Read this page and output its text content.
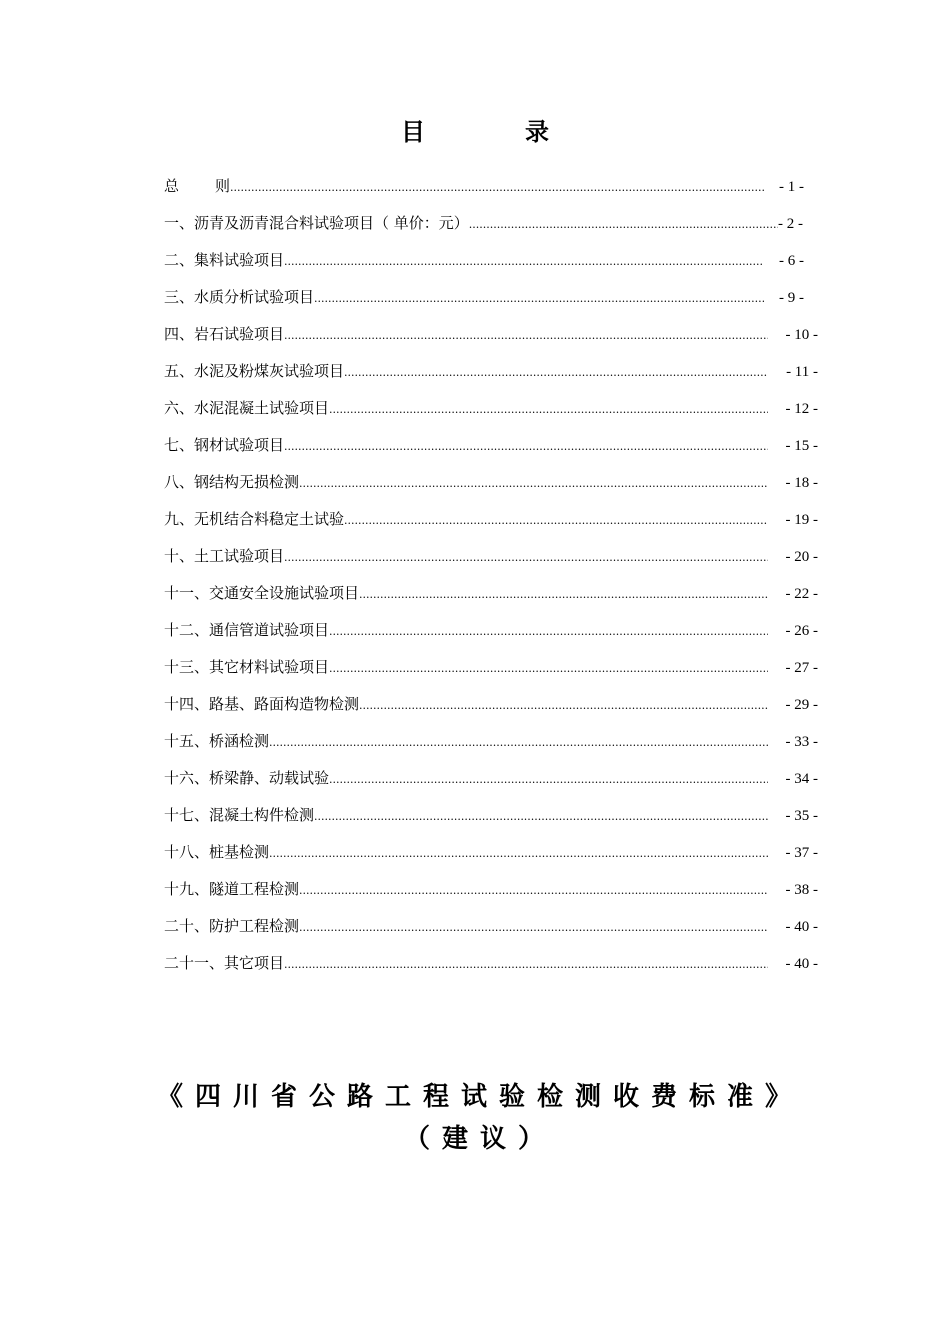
目　录
总 则 .....	- 1 -
一、沥青及沥青混合料试验项目（ 单价：元） .....	- 2 -
二、集料试验项目 .....	- 6 -
三、水质分析试验项目 .....	- 9 -
四、岩石试验项目 .....	- 10 -
五、水泥及粉煤灰试验项目 .....	- 11 -
六、水泥混凝土试验项目 .....	- 12 -
七、钢材试验项目 .....	- 15 -
八、钢结构无损检测 .....	- 18 -
九、无机结合料稳定土试验 .....	- 19 -
十、土工试验项目 .....	- 20 -
十一、交通安全设施试验项目 .....	- 22 -
十二、通信管道试验项目 .....	- 26 -
十三、其它材料试验项目 .....	- 27 -
十四、路基、路面构造物检测 .....	- 29 -
十五、桥涵检测 .....	- 33 -
十六、桥梁静、动载试验 .....	- 34 -
十七、混凝土构件检测 .....	- 35 -
十八、桩基检测 .....	- 37 -
十九、隧道工程检测 .....	- 38 -
二十、防护工程检测 .....	- 40 -
二十一、其它项目 .....	- 40 -
《四川省公路工程试验检测收费标准》（建议）
